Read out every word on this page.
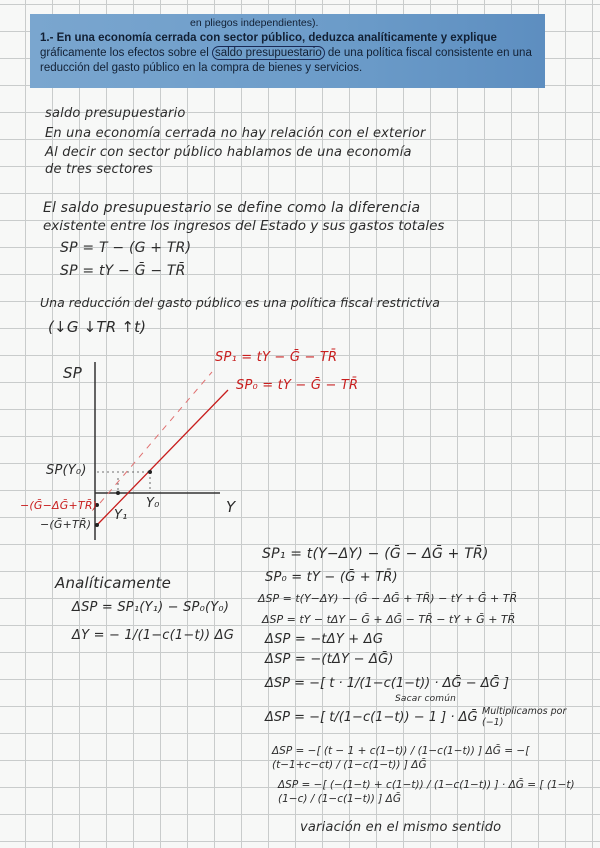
en pliegos independientes).
1.- En una economía cerrada con sector público, deduzca analíticamente y explique
gráficamente los efectos sobre el saldo presupuestario de una política fiscal consistente en una
reducción del gasto público en la compra de bienes y servicios.
saldo presupuestario
En una economía cerrada no hay relación con el exterior
Al decir con sector público hablamos de una economía
de tres sectores
El saldo presupuestario se define como la diferencia
existente entre los ingresos del Estado y sus gastos totales
SP = T − (G + TR)
SP = tY − Ḡ − TR̄
Una reducción del gasto público es una política fiscal restrictiva
(↓G ↓TR ↑t)
SP
Y
SP₁ = tY − Ḡ − TR̄
SP₀ = tY − Ḡ − TR̄
SP(Y₀)
Y₀
Y₁
−(Ḡ−ΔḠ+TR̄)
−(Ḡ+TR̄)
Analíticamente
ΔSP = SP₁(Y₁) − SP₀(Y₀)
ΔY = − 1/(1−c(1−t)) ΔG
SP₁ = t(Y−ΔY) − (Ḡ − ΔḠ + TR̄)
SP₀ = tY − (Ḡ + TR̄)
ΔSP = t(Y−ΔY) − (Ḡ − ΔḠ + TR̄) − tY + Ḡ + TR̄
ΔSP = tY − tΔY − Ḡ + ΔḠ − TR̄ − tY + Ḡ + TR̄
ΔSP = −tΔY + ΔG
ΔSP = −(tΔY − ΔḠ)
ΔSP = −[ t · 1/(1−c(1−t)) · ΔḠ − ΔḠ ]
Sacar común
ΔSP = −[ t/(1−c(1−t)) − 1 ] · ΔḠ Multiplicamos por (−1)
ΔSP = −[ (t − 1 + c(1−t)) / (1−c(1−t)) ] ΔḠ = −[ (t−1+c−ct) / (1−c(1−t)) ] ΔḠ
ΔSP = −[ (−(1−t) + c(1−t)) / (1−c(1−t)) ] · ΔḠ = [ (1−t)(1−c) / (1−c(1−t)) ] ΔḠ
variación en el mismo sentido
